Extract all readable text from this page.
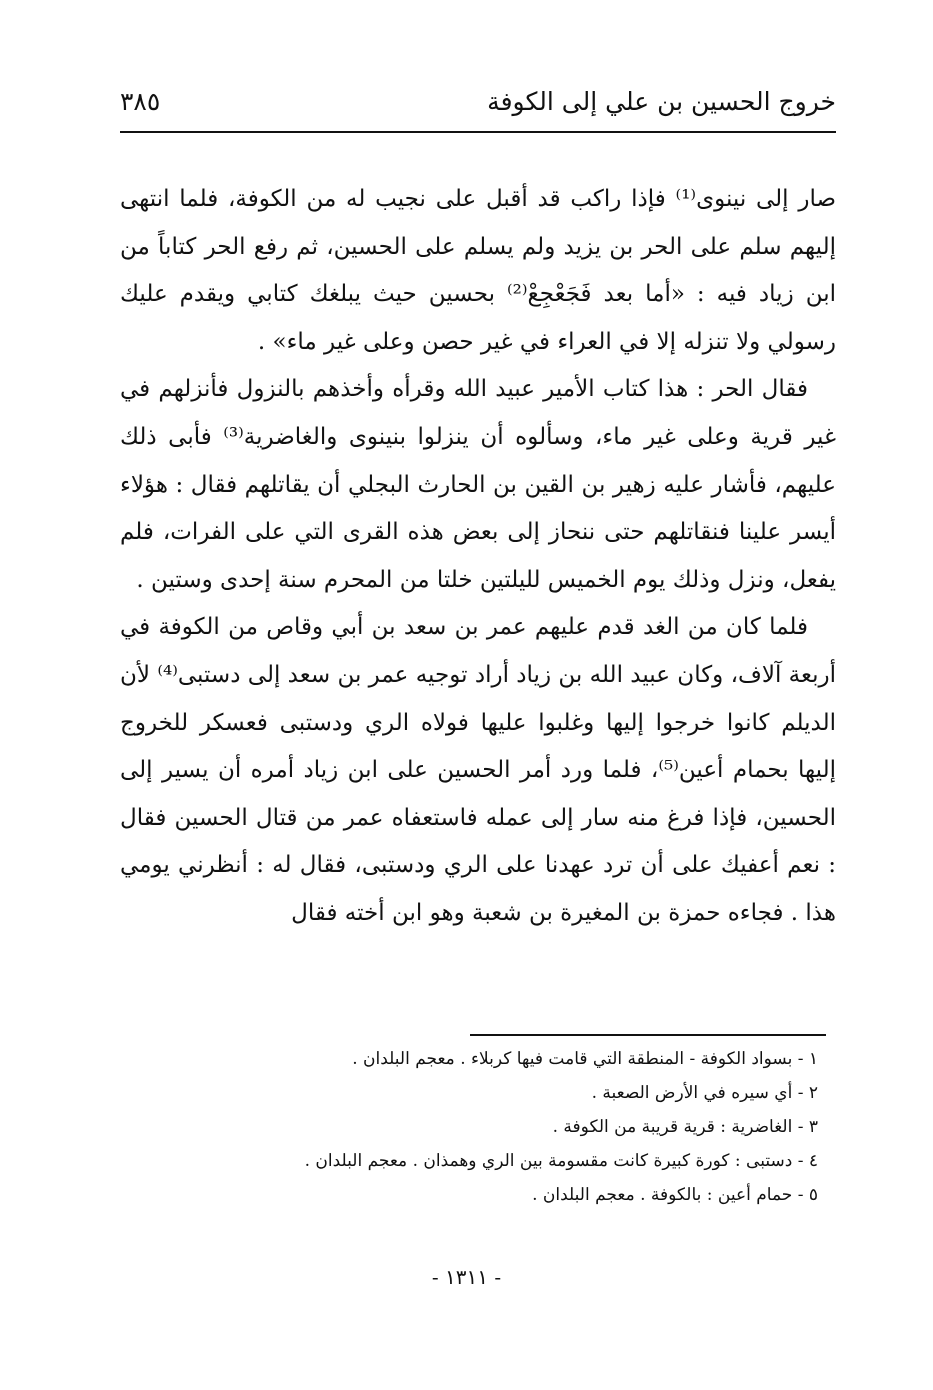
خروج الحسين بن علي إلى الكوفة
٣٨٥

صار إلى نينوى⁽¹⁾ فإذا راكب قد أقبل على نجيب له من الكوفة، فلما انتهى إليهم سلم على الحر بن يزيد ولم يسلم على الحسين، ثم رفع الحر كتاباً من ابن زياد فيه : «أما بعد فَجَعْجِعْ⁽²⁾ بحسين حيث يبلغك كتابي ويقدم عليك رسولي ولا تنزله إلا في العراء في غير حصن وعلى غير ماء» .

فقال الحر : هذا كتاب الأمير عبيد الله وقرأه وأخذهم بالنزول فأنزلهم في غير قرية وعلى غير ماء، وسألوه أن ينزلوا بنينوى والغاضرية⁽³⁾ فأبى ذلك عليهم، فأشار عليه زهير بن القين بن الحارث البجلي أن يقاتلهم فقال : هؤلاء أيسر علينا فنقاتلهم حتى ننحاز إلى بعض هذه القرى التي على الفرات، فلم يفعل، ونزل وذلك يوم الخميس لليلتين خلتا من المحرم سنة إحدى وستين .

فلما كان من الغد قدم عليهم عمر بن سعد بن أبي وقاص من الكوفة في أربعة آلاف، وكان عبيد الله بن زياد أراد توجيه عمر بن سعد إلى دستبى⁽⁴⁾ لأن الديلم كانوا خرجوا إليها وغلبوا عليها فولاه الري ودستبى فعسكر للخروج إليها بحمام أعين⁽⁵⁾، فلما ورد أمر الحسين على ابن زياد أمره أن يسير إلى الحسين، فإذا فرغ منه سار إلى عمله فاستعفاه عمر من قتال الحسين فقال : نعم أعفيك على أن ترد عهدنا على الري ودستبى، فقال له : أنظرني يومي هذا . فجاءه حمزة بن المغيرة بن شعبة وهو ابن أخته فقال

١ - بسواد الكوفة - المنطقة التي قامت فيها كربلاء . معجم البلدان .
٢ - أي سيره في الأرض الصعبة .
٣ - الغاضرية : قرية قريبة من الكوفة .
٤ - دستبى : كورة كبيرة كانت مقسومة بين الري وهمذان . معجم البلدان .
٥ - حمام أعين : بالكوفة . معجم البلدان .
- ١٣١١ -
